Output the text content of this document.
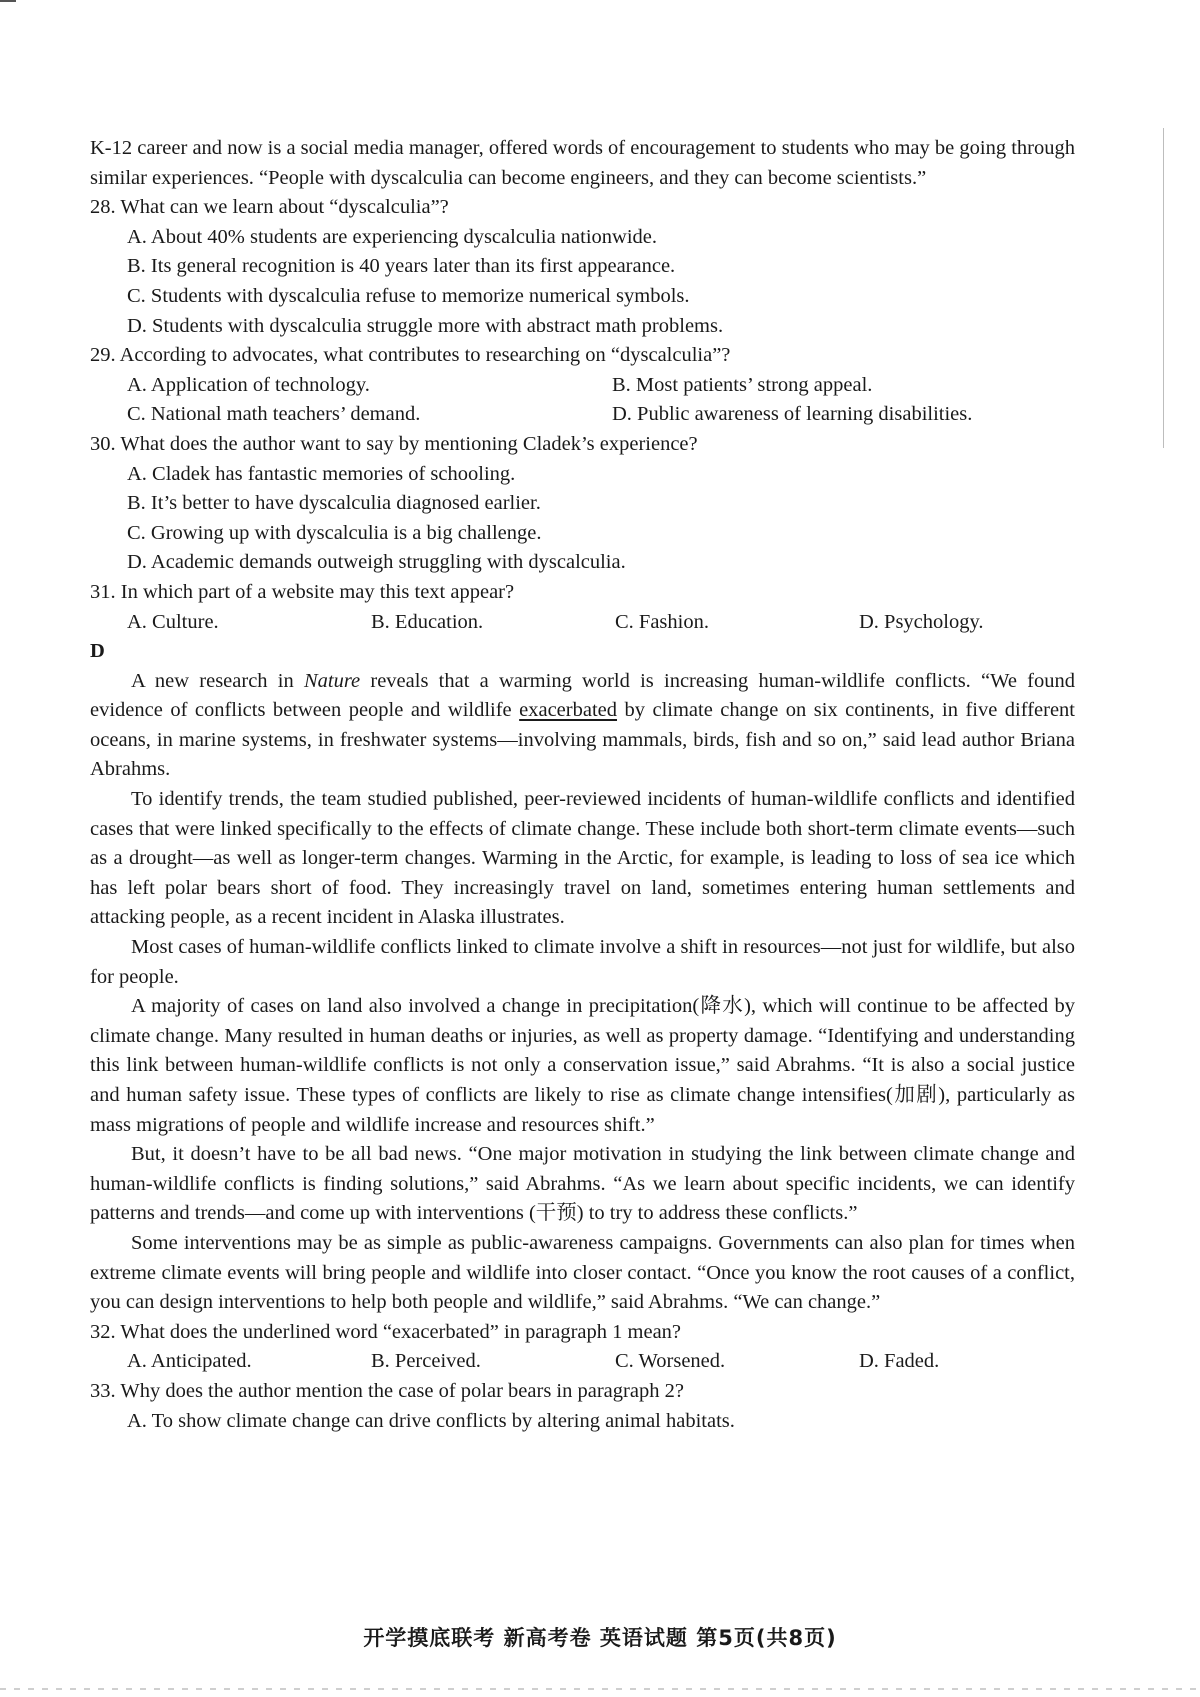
K-12 career and now is a social media manager, offered words of encouragement to students who may be going through similar experiences. “People with dyscalculia can become engineers, and they can become scientists.”

28. What can we learn about “dyscalculia”?

A. About 40% students are experiencing dyscalculia nationwide.
B. Its general recognition is 40 years later than its first appearance.
C. Students with dyscalculia refuse to memorize numerical symbols.
D. Students with dyscalculia struggle more with abstract math problems.

29. According to advocates, what contributes to researching on “dyscalculia”?

A. Application of technology.	B. Most patients’ strong appeal.
C. National math teachers’ demand.	D. Public awareness of learning disabilities.

30. What does the author want to say by mentioning Cladek’s experience?

A. Cladek has fantastic memories of schooling.
B. It’s better to have dyscalculia diagnosed earlier.
C. Growing up with dyscalculia is a big challenge.
D. Academic demands outweigh struggling with dyscalculia.

31. In which part of a website may this text appear?

A. Culture.	B. Education.	C. Fashion.	D. Psychology.

D

A new research in Nature reveals that a warming world is increasing human-wildlife conflicts. “We found evidence of conflicts between people and wildlife exacerbated by climate change on six continents, in five different oceans, in marine systems, in freshwater systems—involving mammals, birds, fish and so on,” said lead author Briana Abrahms.

To identify trends, the team studied published, peer-reviewed incidents of human-wildlife conflicts and identified cases that were linked specifically to the effects of climate change. These include both short-term climate events—such as a drought—as well as longer-term changes. Warming in the Arctic, for example, is leading to loss of sea ice which has left polar bears short of food. They increasingly travel on land, sometimes entering human settlements and attacking people, as a recent incident in Alaska illustrates.

Most cases of human-wildlife conflicts linked to climate involve a shift in resources—not just for wildlife, but also for people.

A majority of cases on land also involved a change in precipitation(降水), which will continue to be affected by climate change. Many resulted in human deaths or injuries, as well as property damage. “Identifying and understanding this link between human-wildlife conflicts is not only a conservation issue,” said Abrahms. “It is also a social justice and human safety issue. These types of conflicts are likely to rise as climate change intensifies(加剧), particularly as mass migrations of people and wildlife increase and resources shift.”

But, it doesn’t have to be all bad news. “One major motivation in studying the link between climate change and human-wildlife conflicts is finding solutions,” said Abrahms. “As we learn about specific incidents, we can identify patterns and trends—and come up with interventions (干预) to try to address these conflicts.”

Some interventions may be as simple as public-awareness campaigns. Governments can also plan for times when extreme climate events will bring people and wildlife into closer contact. “Once you know the root causes of a conflict, you can design interventions to help both people and wildlife,” said Abrahms. “We can change.”

32. What does the underlined word “exacerbated” in paragraph 1 mean?

A. Anticipated.	B. Perceived.	C. Worsened.	D. Faded.

33. Why does the author mention the case of polar bears in paragraph 2?

A. To show climate change can drive conflicts by altering animal habitats.
开学摸底联考 新高考卷 英语试题 第5页(共8页)
